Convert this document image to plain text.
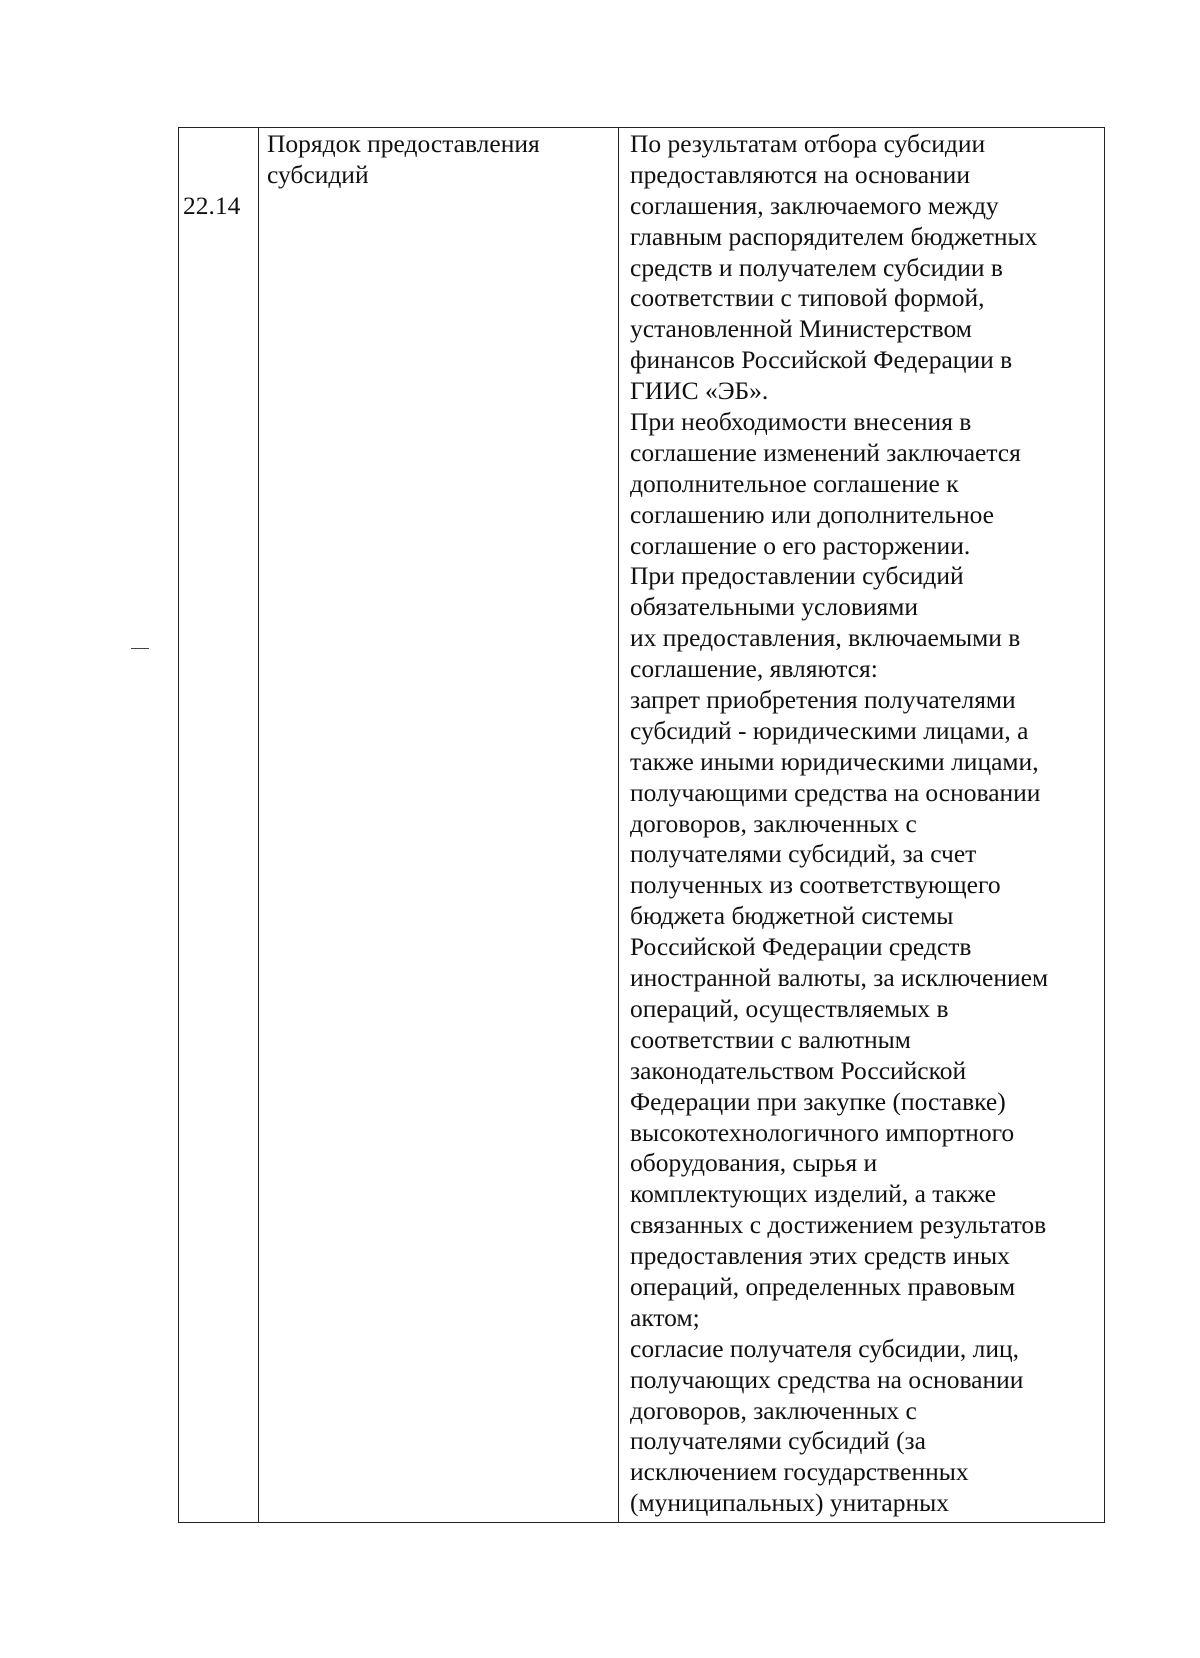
22.14

Порядок предоставления
субсидий
По результатам отбора субсидии
предоставляются на основании
соглашения, заключаемого между
главным распорядителем бюджетных
средств и получателем субсидии в
соответствии с типовой формой,
установленной Министерством
финансов Российской Федерации в
ГИИС «ЭБ».
При необходимости внесения в
соглашение изменений заключается
дополнительное соглашение к
соглашению или дополнительное
соглашение о его расторжении.
При предоставлении субсидий
обязательными условиями
их предоставления, включаемыми в
соглашение, являются:
запрет приобретения получателями
субсидий - юридическими лицами, а
также иными юридическими лицами,
получающими средства на основании
договоров, заключенных с
получателями субсидий, за счет
полученных из соответствующего
бюджета бюджетной системы
Российской Федерации средств
иностранной валюты, за исключением
операций, осуществляемых в
соответствии с валютным
законодательством Российской
Федерации при закупке (поставке)
высокотехнологичного импортного
оборудования, сырья и
комплектующих изделий, а также
связанных с достижением результатов
предоставления этих средств иных
операций, определенных правовым
актом;
согласие получателя субсидии, лиц,
получающих средства на основании
договоров, заключенных с
получателями субсидий (за
исключением государственных
(муниципальных) унитарных
